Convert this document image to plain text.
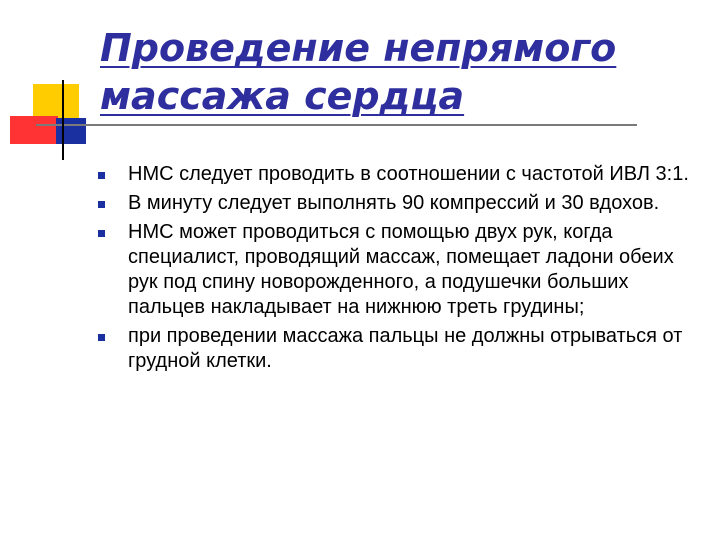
Проведение непрямого
массажа сердца
НМС следует проводить в соотношении с частотой ИВЛ 3:1.
В минуту следует выполнять 90 компрессий и 30 вдохов.
НМС может проводиться с помощью двух рук, когда специалист, проводящий массаж, помещает ладони обеих рук под спину новорожденного, а подушечки больших пальцев накладывает на нижнюю треть грудины;
при проведении массажа пальцы не должны отрываться от грудной клетки.
